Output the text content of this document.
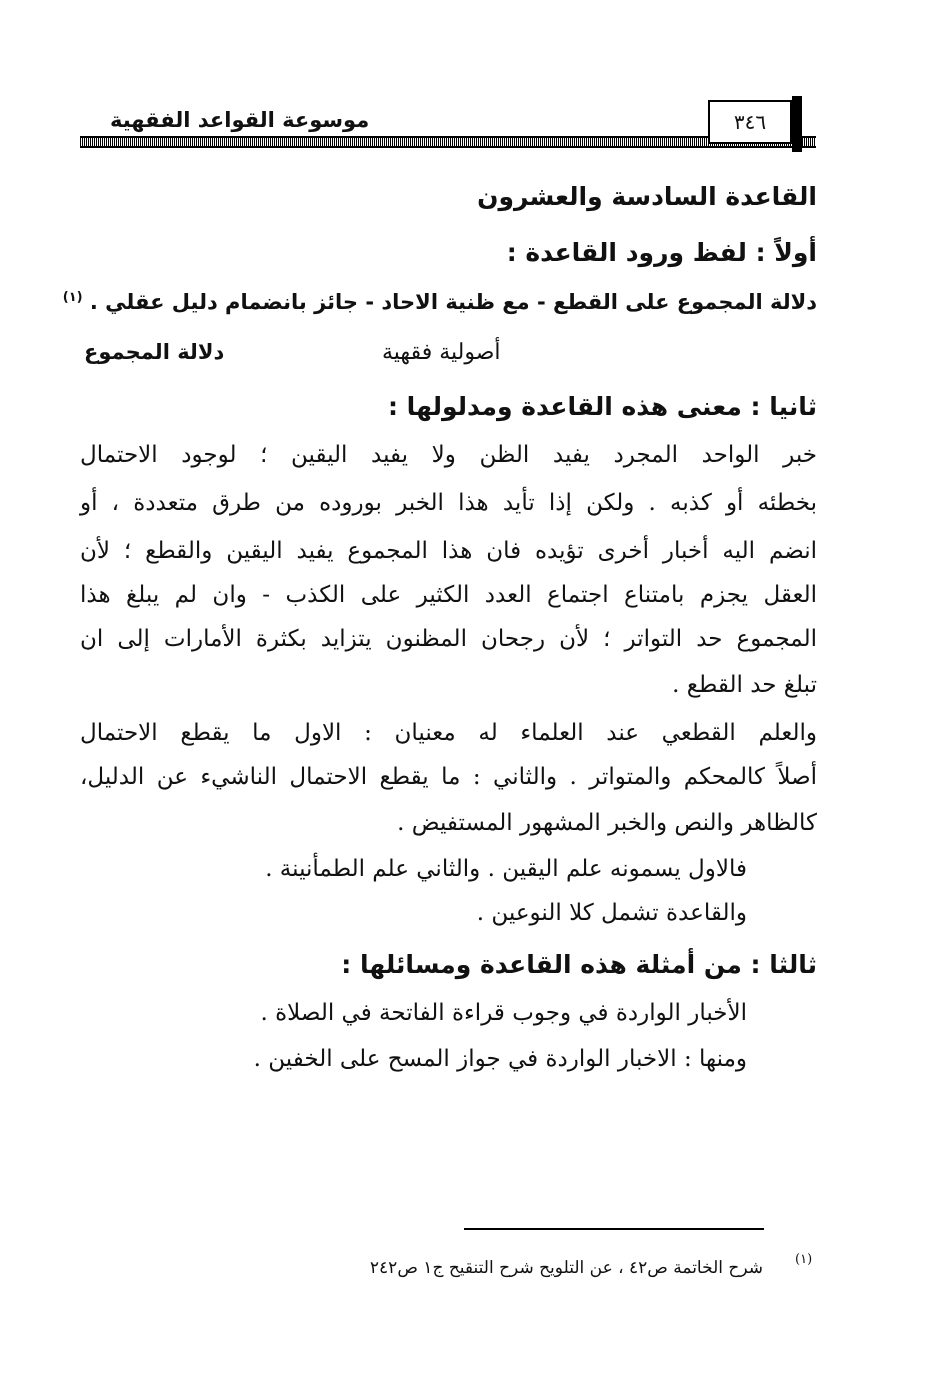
موسوعة القواعد الفقهية	٣٤٦
القاعدة السادسة والعشرون
أولاً : لفظ ورود القاعدة :
دلالة المجموع على القطع - مع ظنية الاحاد - جائز بانضمام دليل عقلي . $^{(١)}$
دلالة المجموع	أصولية فقهية
ثانيا : معنى هذه القاعدة ومدلولها :
خبر الواحد المجرد يفيد الظن ولا يفيد اليقين ؛ لوجود الاحتمال
بخطئه أو كذبه . ولكن إذا تأيد هذا الخبر بوروده من طرق متعددة ، أو
انضم اليه أخبار أخرى تؤيده فان هذا المجموع يفيد اليقين والقطع ؛ لأن
العقل يجزم بامتناع اجتماع العدد الكثير على الكذب - وان لم يبلغ هذا
المجموع حد التواتر ؛ لأن رجحان المظنون يتزايد بكثرة الأمارات إلى ان
تبلغ حد القطع .
والعلم القطعي عند العلماء له معنيان : الاول ما يقطع الاحتمال
أصلاً كالمحكم والمتواتر . والثاني : ما يقطع الاحتمال الناشيء عن الدليل،
كالظاهر والنص والخبر المشهور المستفيض .
فالاول يسمونه علم اليقين . والثاني علم الطمأنينة .
والقاعدة تشمل كلا النوعين .
ثالثا : من أمثلة هذه القاعدة ومسائلها :
الأخبار الواردة في وجوب قراءة الفاتحة في الصلاة .
ومنها : الاخبار الواردة في جواز المسح على الخفين .
(١)
شرح الخاتمة ص٤٢ ، عن التلويح شرح التنقيح ج١ ص٢٤٢
